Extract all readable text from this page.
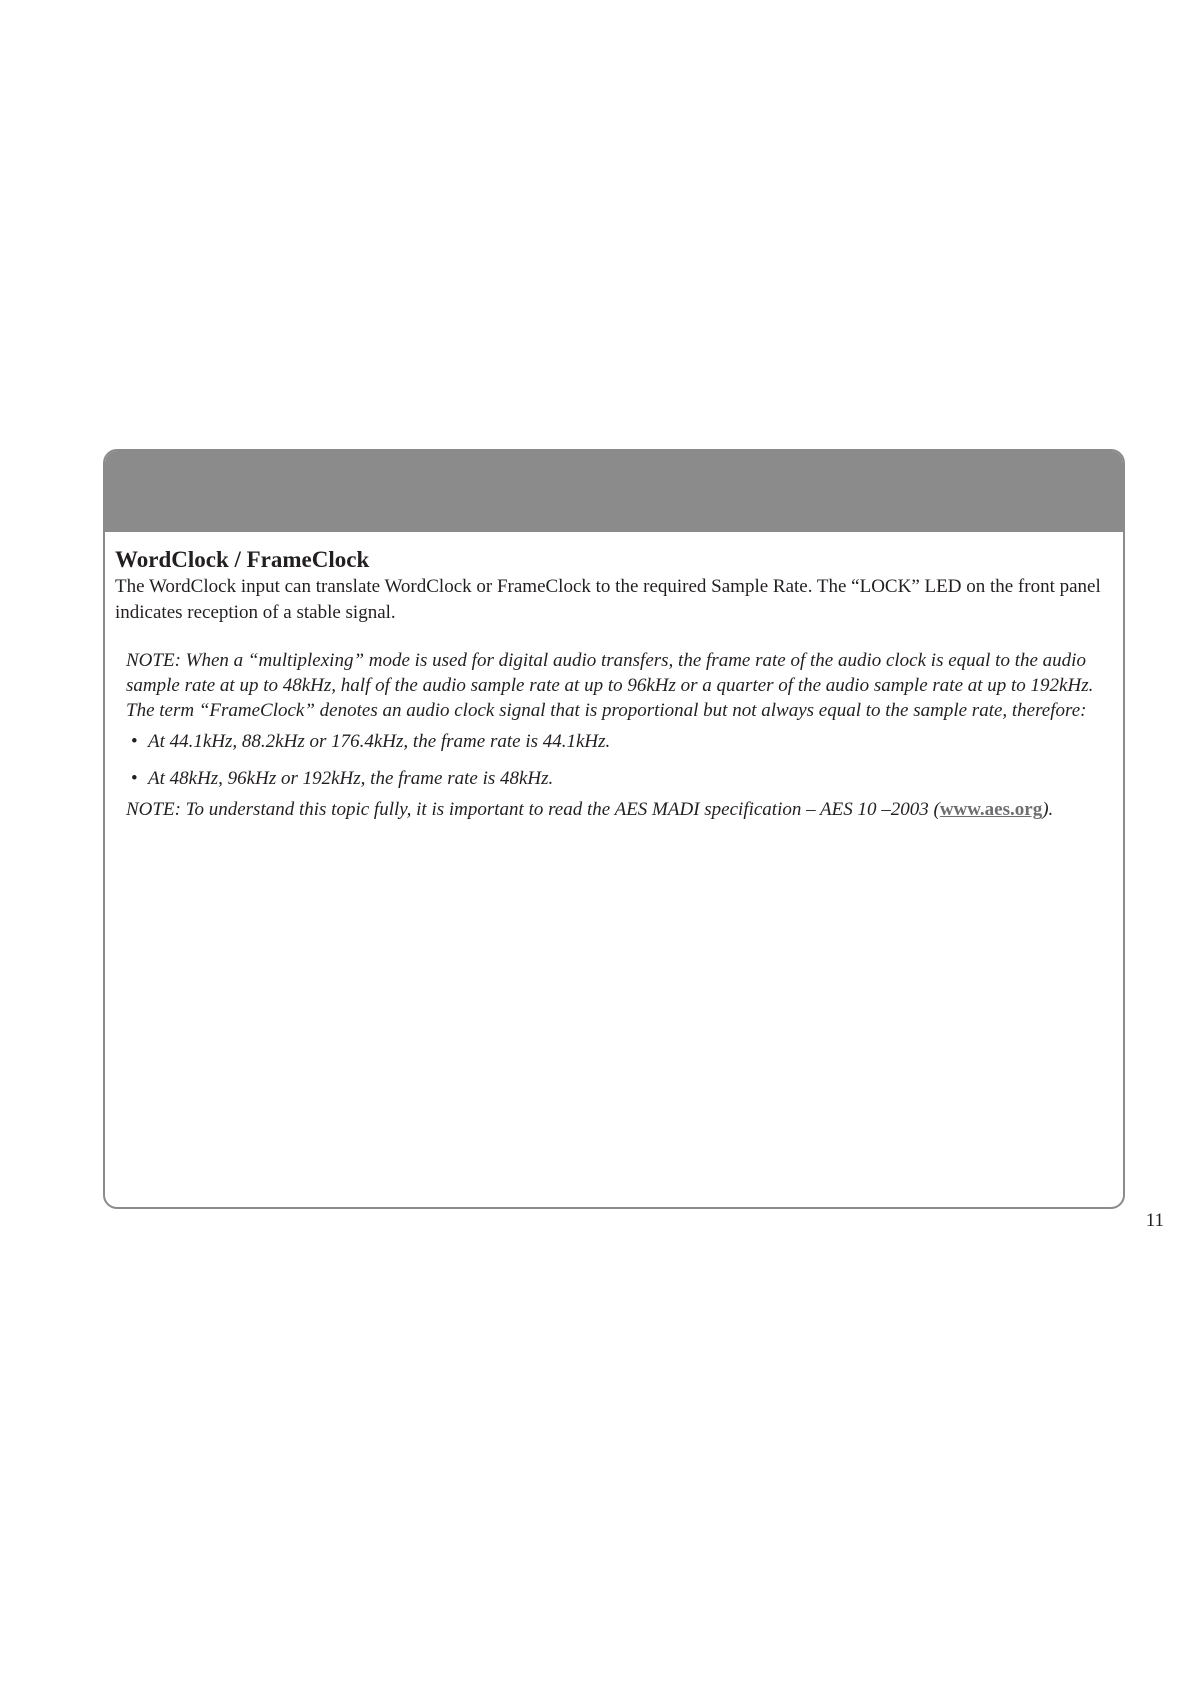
WordClock / FrameClock

The WordClock input can translate WordClock or FrameClock to the required Sample Rate. The “LOCK” LED on the front panel indicates reception of a stable signal.

NOTE: When a “multiplexing” mode is used for digital audio transfers, the frame rate of the audio clock is equal to the audio sample rate at up to 48kHz, half of the audio sample rate at up to 96kHz or a quarter of the audio sample rate at up to 192kHz. The term “FrameClock” denotes an audio clock signal that is proportional but not always equal to the sample rate, therefore:

• At 44.1kHz, 88.2kHz or 176.4kHz, the frame rate is 44.1kHz.
• At 48kHz, 96kHz or 192kHz, the frame rate is 48kHz.

NOTE: To understand this topic fully, it is important to read the AES MADI specification – AES 10 –2003 (www.aes.org).

11
